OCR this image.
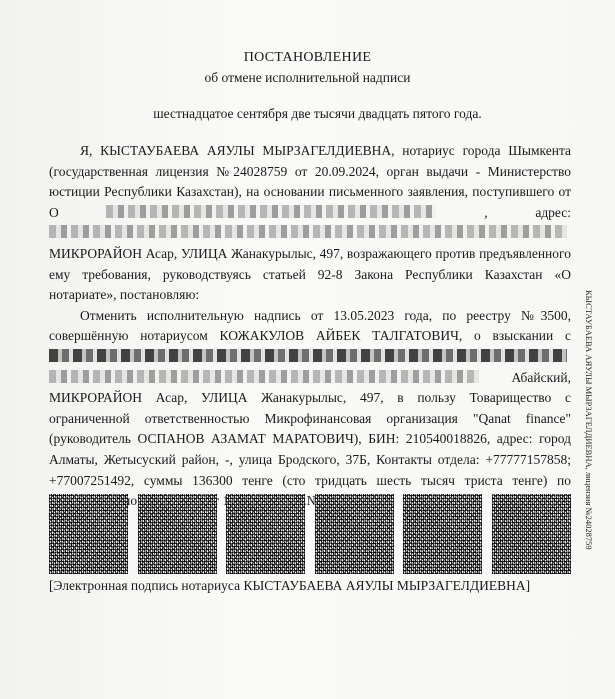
ПОСТАНОВЛЕНИЕ
об отмене исполнительной надписи
шестнадцатое сентября две тысячи двадцать пятого года.

Я, КЫСТАУБАЕВА АЯУЛЫ МЫРЗАГЕЛДИЕВНА, нотариус города Шымкента (государственная лицензия №24028759 от 20.09.2024, орган выдачи - Министерство юстиции Республики Казахстан), на основании письменного заявления, поступившего от О	, адрес:  МИКРОРАЙОН Асар, УЛИЦА Жанакурылыс, 497, возражающего против предъявленного ему требования, руководствуясь статьей 92-8 Закона Республики Казахстан «О нотариате», постановляю:

Отменить исполнительную надпись от 13.05.2023 года, по реестру №3500, совершённую нотариусом КОЖАКУЛОВ АЙБЕК ТАЛГАТОВИЧ, о взыскании с   Абайский, МИКРОРАЙОН Асар, УЛИЦА Жанакурылыс, 497, в пользу Товарищество с ограниченной ответственностью Микрофинансовая организация "Qanat finance" (руководитель ОСПАНОВ АЗАМАТ МАРАТОВИЧ), БИН: 210540018826, адрес: город Алматы, Жетысуский район, -, улица Бродского, 37Б, Контакты отдела: +77777157858; +77007251492, суммы 136300 тенге (сто тридцать шесть тысяч триста тенге) по по

[Электронная подпись нотариуса КЫСТАУБАЕВА АЯУЛЫ МЫРЗАГЕЛДИЕВНА]
КЫСТАУБАЕВА АЯУЛЫ МЫРЗАГЕЛДИЕВНА, лицензия №24028759
